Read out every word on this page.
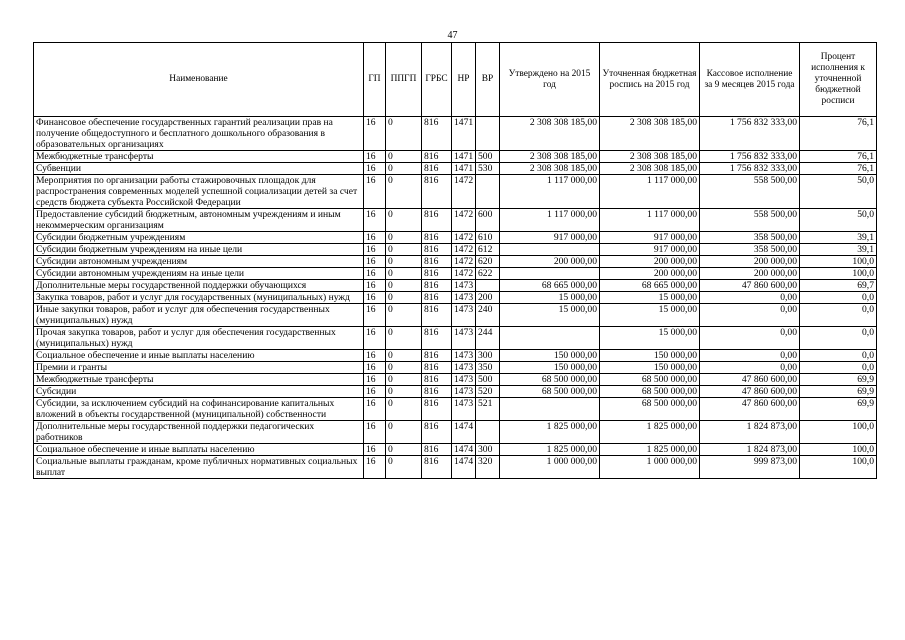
47
Наименование	ГП	ППГП	ГРБС	НР	ВР	Утверждено на 2015 год	Уточненная бюджетная роспись на 2015 год	Кассовое исполнение за 9 месяцев 2015 года	Процент исполнения к уточненной бюджетной росписи
Финансовое обеспечение государственных гарантий реализации прав на получение общедоступного и бесплатного дошкольного образования в образовательных организациях	16	0	816	1471		2 308 308 185,00	2 308 308 185,00	1 756 832 333,00	76,1
Межбюджетные трансферты	16	0	816	1471	500	2 308 308 185,00	2 308 308 185,00	1 756 832 333,00	76,1
Субвенции	16	0	816	1471	530	2 308 308 185,00	2 308 308 185,00	1 756 832 333,00	76,1
Мероприятия по организации работы стажировочных площадок для распространения современных моделей успешной социализации детей за счет средств бюджета субъекта Российской Федерации	16	0	816	1472		1 117 000,00	1 117 000,00	558 500,00	50,0
Предоставление субсидий бюджетным, автономным учреждениям и иным некоммерческим организациям	16	0	816	1472	600	1 117 000,00	1 117 000,00	558 500,00	50,0
Субсидии бюджетным учреждениям	16	0	816	1472	610	917 000,00	917 000,00	358 500,00	39,1
Субсидии бюджетным учреждениям на иные цели	16	0	816	1472	612		917 000,00	358 500,00	39,1
Субсидии автономным учреждениям	16	0	816	1472	620	200 000,00	200 000,00	200 000,00	100,0
Субсидии автономным учреждениям на иные цели	16	0	816	1472	622		200 000,00	200 000,00	100,0
Дополнительные меры государственной поддержки обучающихся	16	0	816	1473		68 665 000,00	68 665 000,00	47 860 600,00	69,7
Закупка товаров, работ и услуг для государственных (муниципальных) нужд	16	0	816	1473	200	15 000,00	15 000,00	0,00	0,0
Иные закупки товаров, работ и услуг для обеспечения государственных (муниципальных) нужд	16	0	816	1473	240	15 000,00	15 000,00	0,00	0,0
Прочая закупка товаров, работ и услуг для обеспечения государственных (муниципальных) нужд	16	0	816	1473	244		15 000,00	0,00	0,0
Социальное обеспечение и иные выплаты населению	16	0	816	1473	300	150 000,00	150 000,00	0,00	0,0
Премии и гранты	16	0	816	1473	350	150 000,00	150 000,00	0,00	0,0
Межбюджетные трансферты	16	0	816	1473	500	68 500 000,00	68 500 000,00	47 860 600,00	69,9
Субсидии	16	0	816	1473	520	68 500 000,00	68 500 000,00	47 860 600,00	69,9
Субсидии, за исключением субсидий на софинансирование капитальных вложений в объекты государственной (муниципальной) собственности	16	0	816	1473	521		68 500 000,00	47 860 600,00	69,9
Дополнительные меры государственной поддержки педагогических работников	16	0	816	1474		1 825 000,00	1 825 000,00	1 824 873,00	100,0
Социальное обеспечение и иные выплаты населению	16	0	816	1474	300	1 825 000,00	1 825 000,00	1 824 873,00	100,0
Социальные выплаты гражданам, кроме публичных нормативных социальных выплат	16	0	816	1474	320	1 000 000,00	1 000 000,00	999 873,00	100,0
